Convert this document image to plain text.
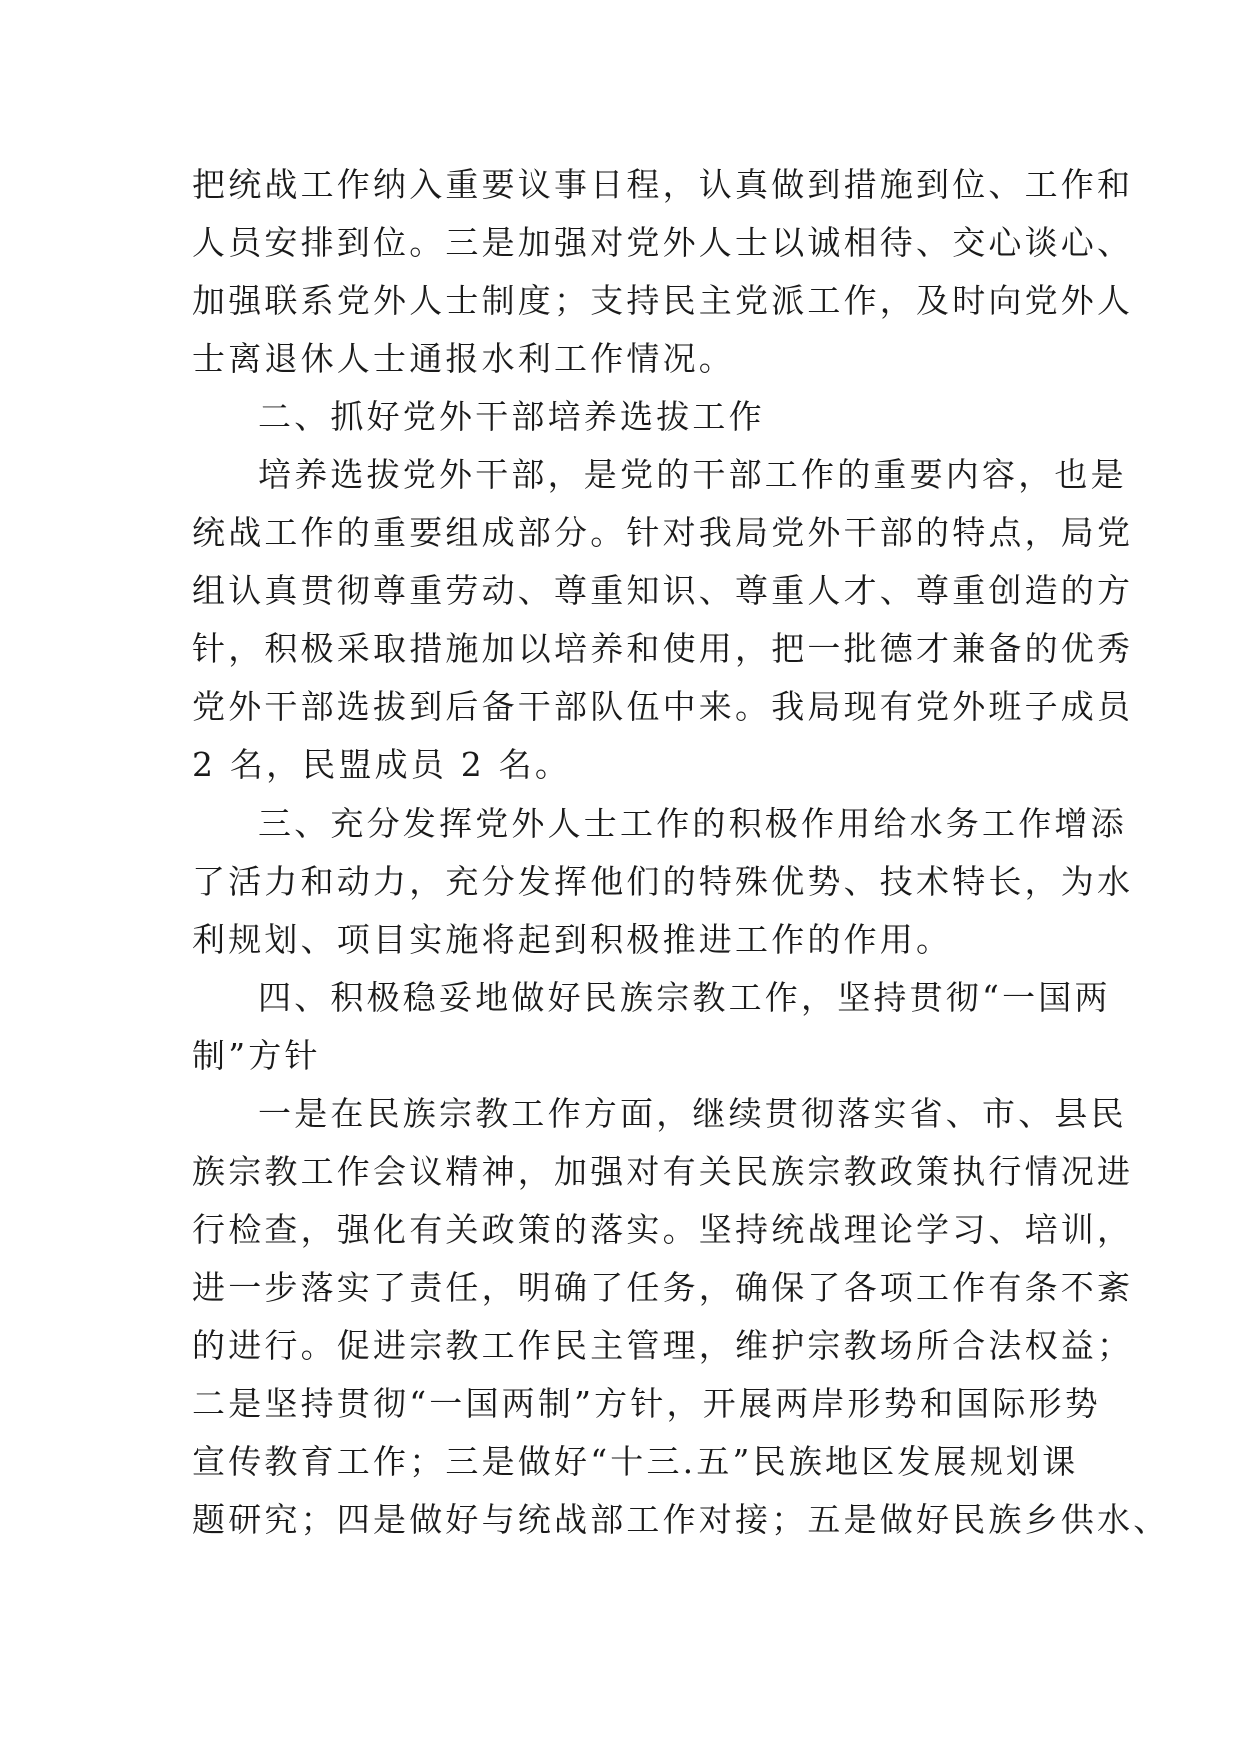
把统战工作纳入重要议事日程，认真做到措施到位、工作和
人员安排到位。三是加强对党外人士以诚相待、交心谈心、
加强联系党外人士制度；支持民主党派工作，及时向党外人
士离退休人士通报水利工作情况。
二、抓好党外干部培养选拔工作
培养选拔党外干部，是党的干部工作的重要内容，也是
统战工作的重要组成部分。针对我局党外干部的特点，局党
组认真贯彻尊重劳动、尊重知识、尊重人才、尊重创造的方
针，积极采取措施加以培养和使用，把一批德才兼备的优秀
党外干部选拔到后备干部队伍中来。我局现有党外班子成员
2 名，民盟成员 2 名。
三、充分发挥党外人士工作的积极作用给水务工作增添
了活力和动力，充分发挥他们的特殊优势、技术特长，为水
利规划、项目实施将起到积极推进工作的作用。
四、积极稳妥地做好民族宗教工作，坚持贯彻“一国两
制”方针
一是在民族宗教工作方面，继续贯彻落实省、市、县民
族宗教工作会议精神，加强对有关民族宗教政策执行情况进
行检查，强化有关政策的落实。坚持统战理论学习、培训，
进一步落实了责任，明确了任务，确保了各项工作有条不紊
的进行。促进宗教工作民主管理，维护宗教场所合法权益；
二是坚持贯彻“一国两制”方针，开展两岸形势和国际形势
宣传教育工作；三是做好“十三.五”民族地区发展规划课
题研究；四是做好与统战部工作对接；五是做好民族乡供水、
